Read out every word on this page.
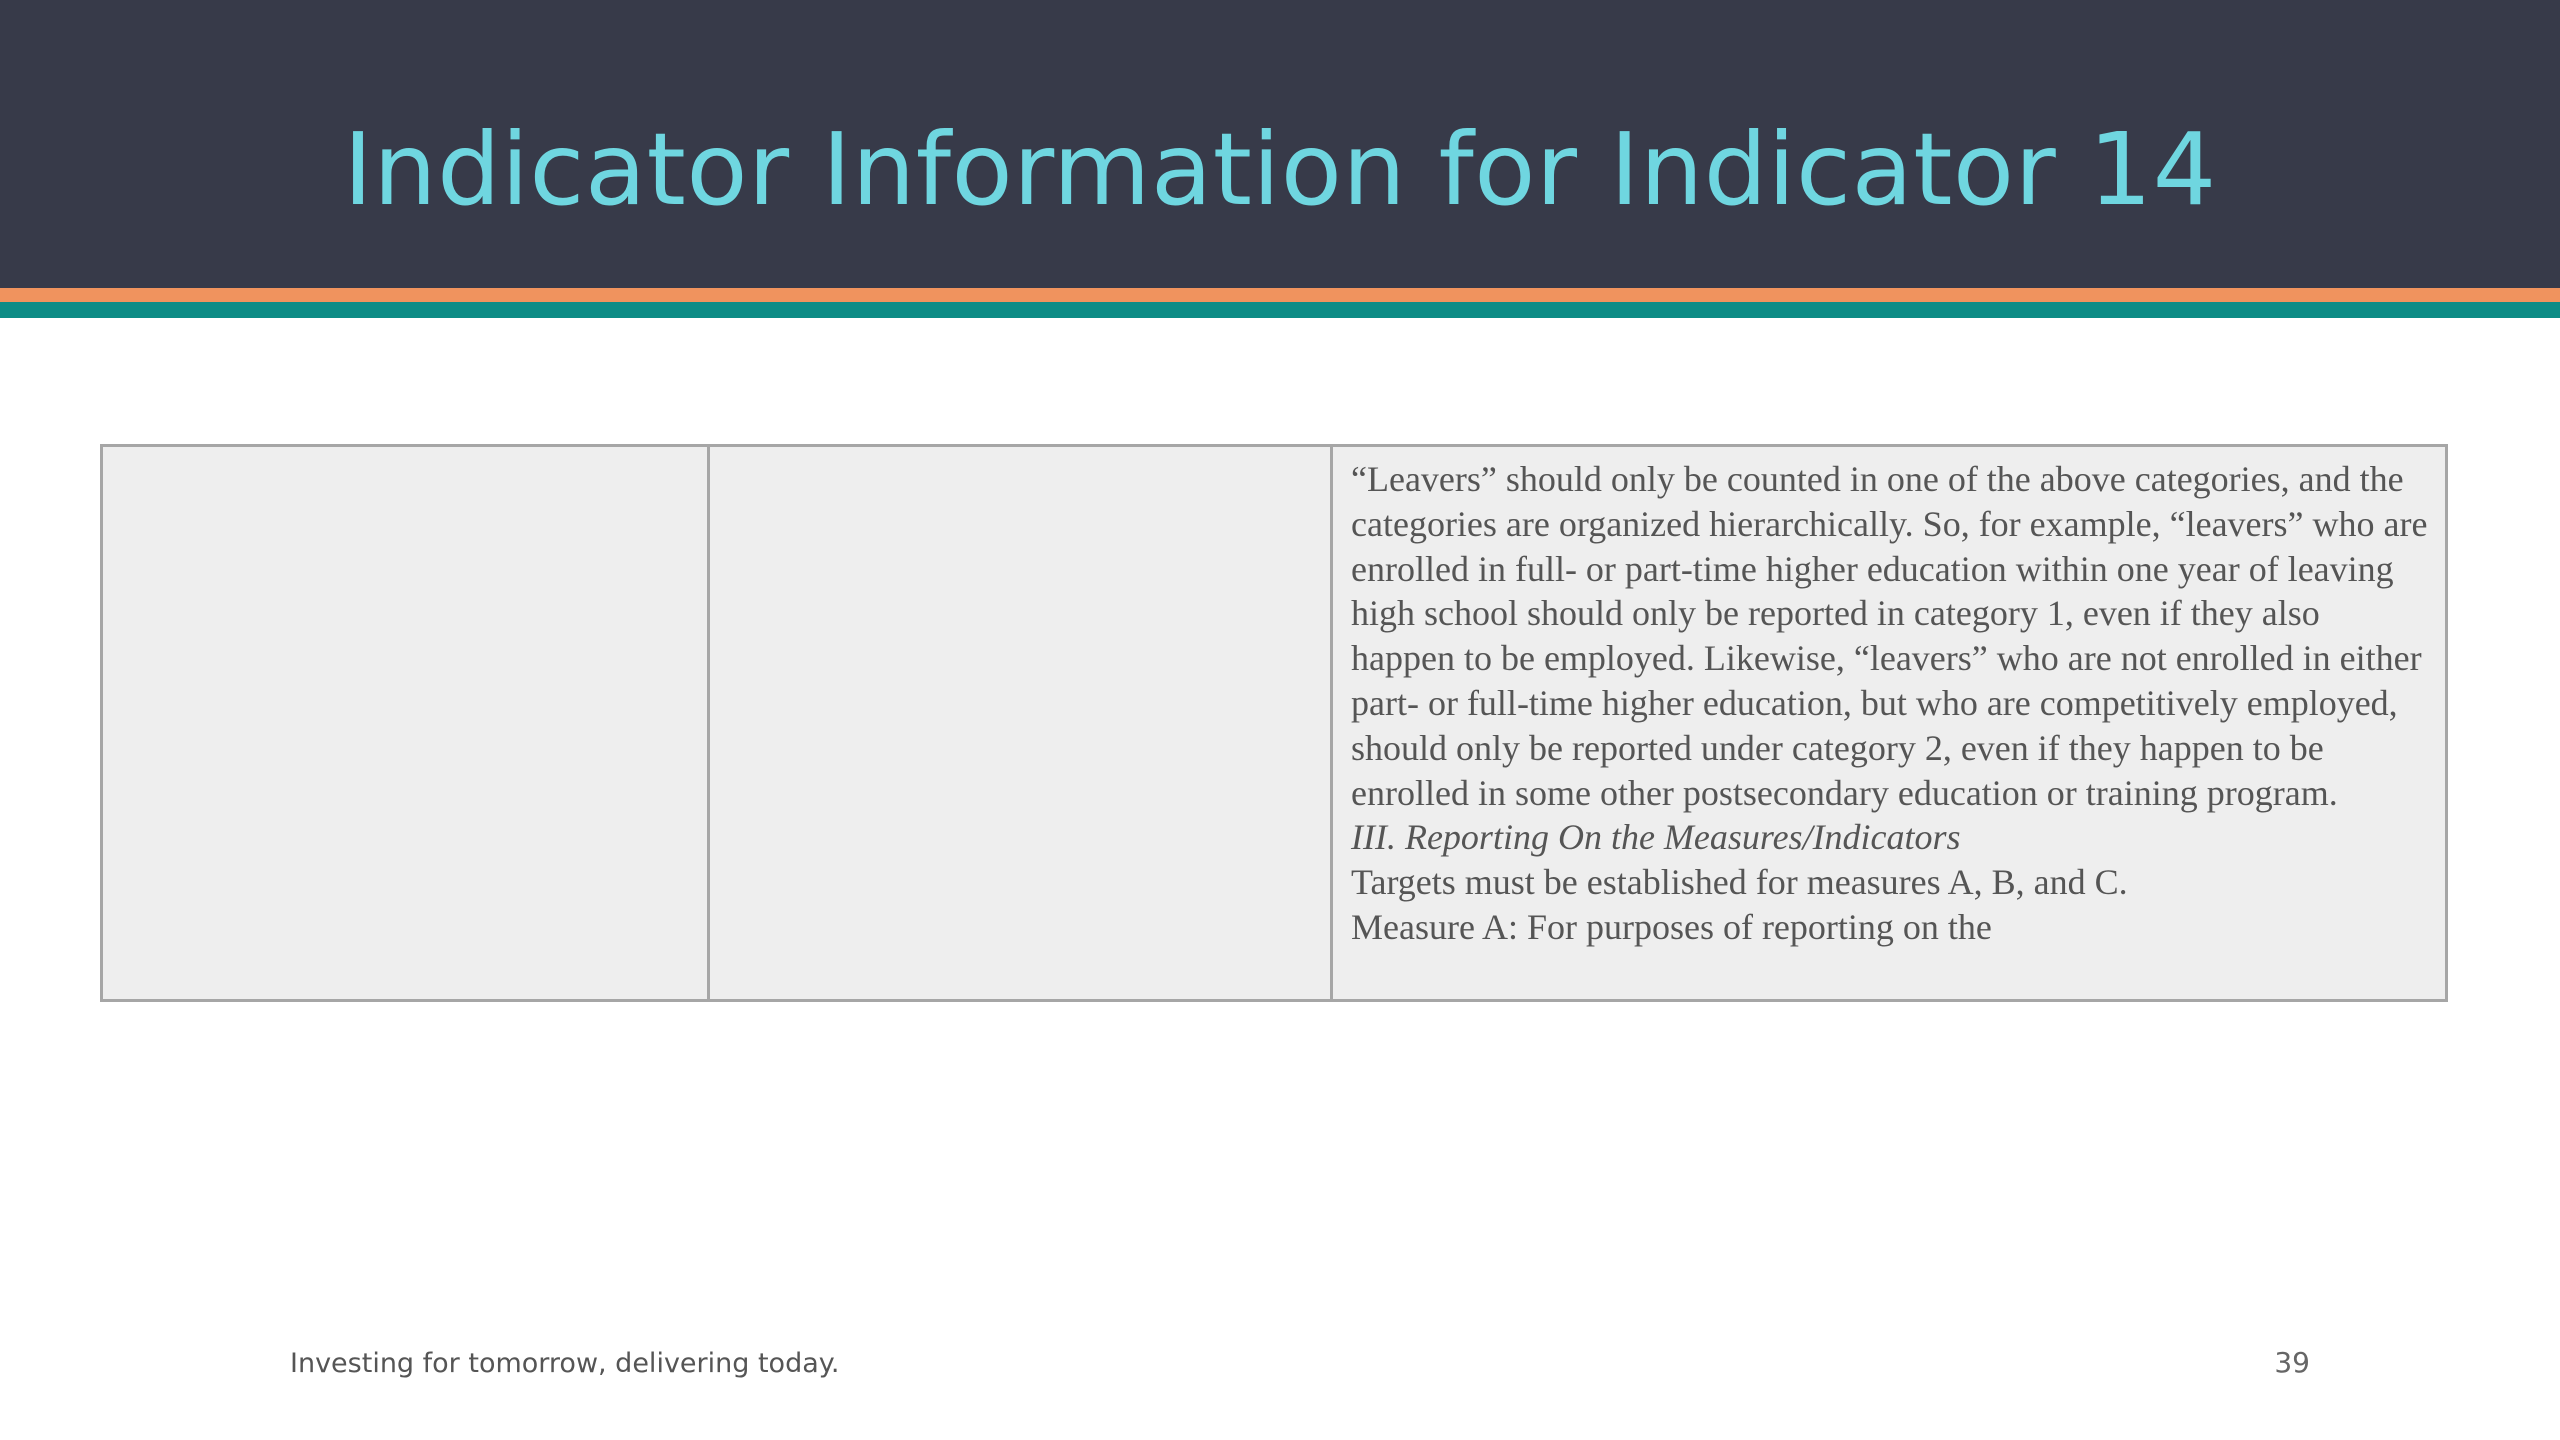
Indicator Information for Indicator 14

“Leavers” should only be counted in one of the above categories, and the categories are organized hierarchically. So, for example, “leavers” who are enrolled in full- or part-time higher education within one year of leaving high school should only be reported in category 1, even if they also happen to be employed. Likewise, “leavers” who are not enrolled in either part- or full-time higher education, but who are competitively employed, should only be reported under category 2, even if they happen to be enrolled in some other postsecondary education or training program.

III. Reporting On the Measures/Indicators

Targets must be established for measures A, B, and C.

Measure A: For purposes of reporting on the

Investing for tomorrow, delivering today.	39
